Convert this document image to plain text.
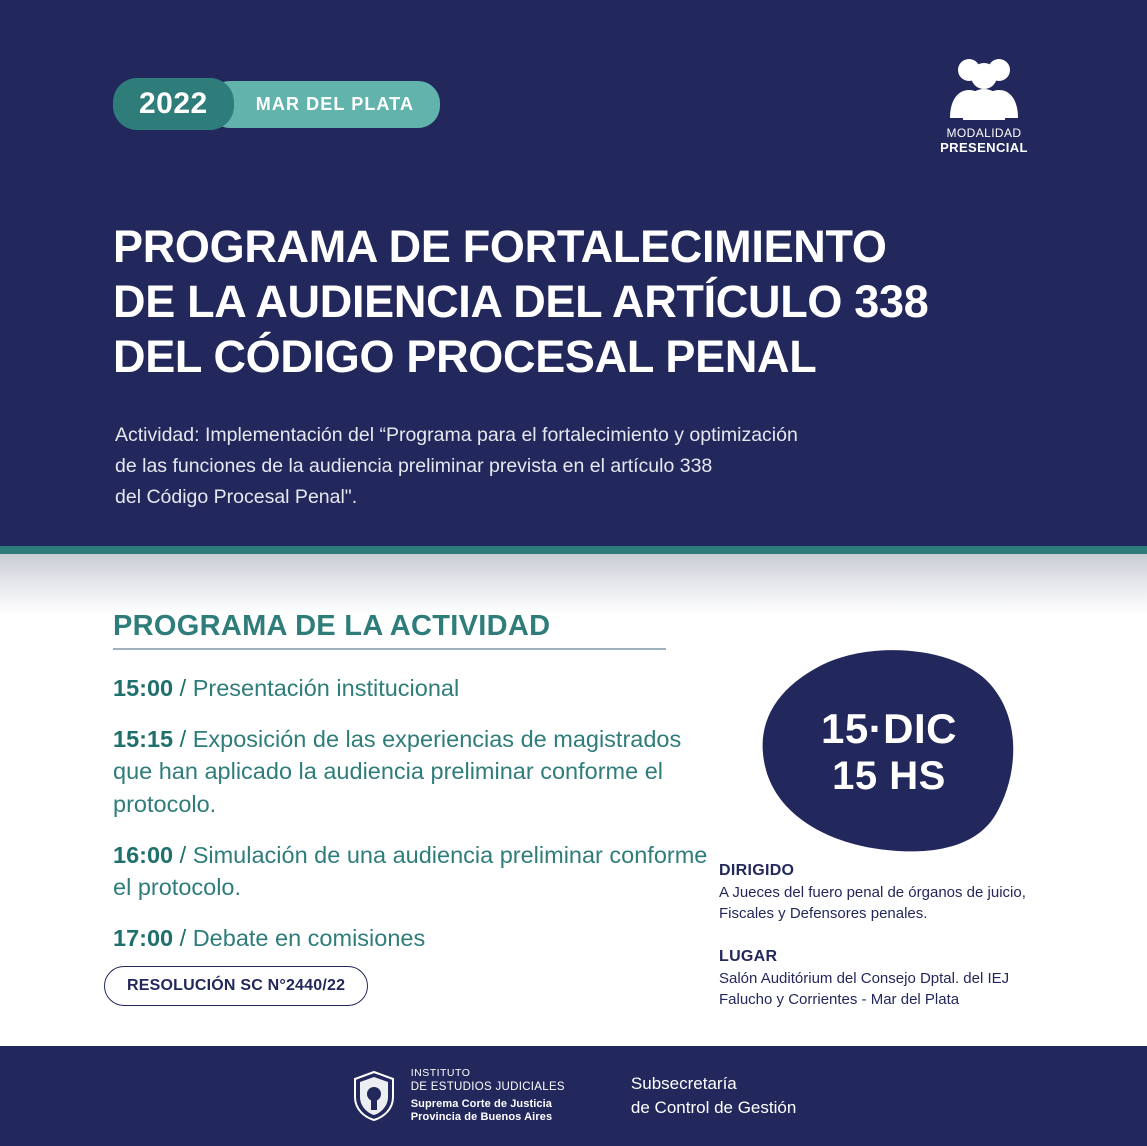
2022	MAR DEL PLATA
MODALIDAD
PRESENCIAL
PROGRAMA DE FORTALECIMIENTO
DE LA AUDIENCIA DEL ARTÍCULO 338
DEL CÓDIGO PROCESAL PENAL
Actividad: Implementación del “Programa para el fortalecimiento y optimización
de las funciones de la audiencia preliminar prevista en el artículo 338
del Código Procesal Penal".
PROGRAMA DE LA ACTIVIDAD
15:00 / Presentación institucional
15:15 / Exposición de las experiencias de magistrados que han aplicado la audiencia preliminar conforme el protocolo.
16:00 / Simulación de una audiencia preliminar conforme el protocolo.
17:00 / Debate en comisiones
RESOLUCIÓN SC N°2440/22
15·DIC
15 HS
DIRIGIDO
A Jueces del fuero penal de órganos de juicio,
Fiscales y Defensores penales.
LUGAR
Salón Auditórium del Consejo Dptal. del IEJ
Falucho y Corrientes - Mar del Plata
INSTITUTO
DE ESTUDIOS JUDICIALES
Suprema Corte de Justicia
Provincia de Buenos Aires
Subsecretaría
de Control de Gestión
